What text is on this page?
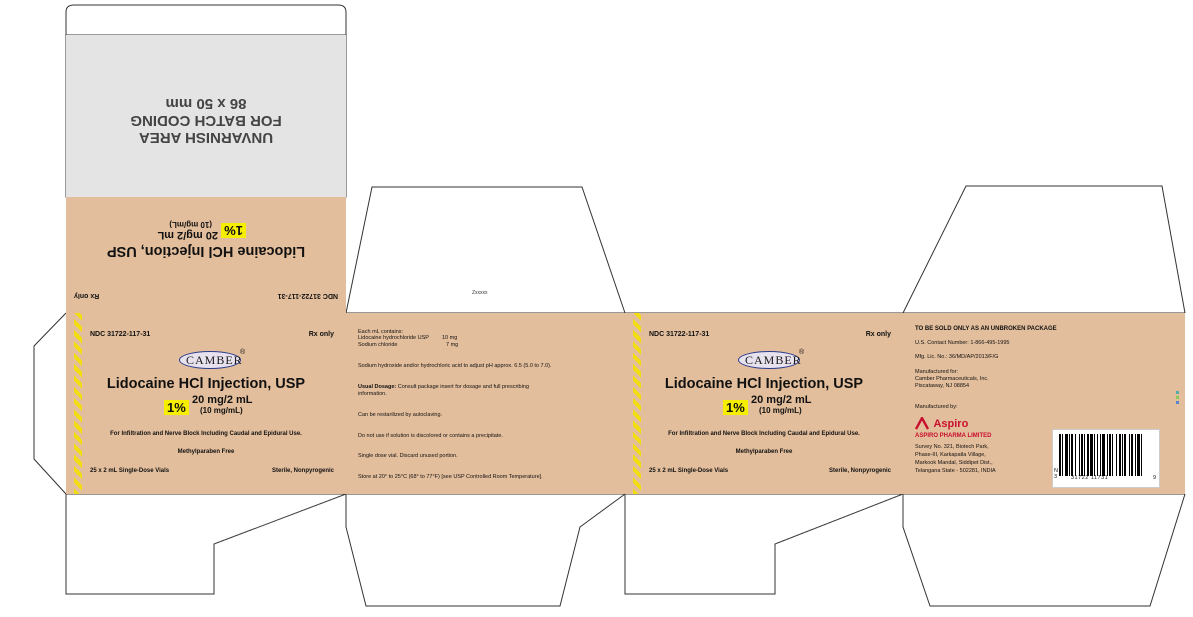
UNVARNISH AREA
FOR BATCH CODING
86 x 50 mm
NDC 31722-117-31
Rx only
Lidocaine HCl Injection, USP
1%
20 mg/2 mL
(10 mg/mL)
Zxxxxx
NDC 31722-117-31	Rx only
CAMBER
®
Lidocaine HCl Injection, USP
1% 20 mg/2 mL
(10 mg/mL)
For Infiltration and Nerve Block Including Caudal and Epidural Use.
Methylparaben Free
25 x 2 mL Single-Dose Vials	Sterile, Nonpyrogenic
Each mL contains:
Lidocaine hydrochloride USP 10 mg
Sodium chloride	7 mg
Sodium hydroxide and/or hydrochloric acid to adjust pH approx. 6.5 (5.0 to 7.0).
Usual Dosage: Consult package insert for dosage and full prescribing information.
Can be restarilized by autoclaving.
Do not use if solution is discolored or contains a precipitate.
Single dose vial. Discard unused portion.
Store at 20° to 25°C (68° to 77°F) [see USP Controlled Room Temperature].
NDC 31722-117-31	Rx only
CAMBER
®
Lidocaine HCl Injection, USP
1% 20 mg/2 mL
(10 mg/mL)
For Infiltration and Nerve Block Including Caudal and Epidural Use.
Methylparaben Free
25 x 2 mL Single-Dose Vials	Sterile, Nonpyrogenic
TO BE SOLD ONLY AS AN UNBROKEN PACKAGE
U.S. Contact Number: 1-866-495-1995
Mfg. Lic. No.: 36/MD/AP/2013/F/G
Manufactured for:
Camber Pharmaceuticals, Inc.
Piscataway, NJ 08854
Manufactured by:
Aspiro
ASPIRO PHARMA LIMITED
Survey No. 321, Biotech Park,
Phase-III, Karkapatla Village,
Markook Mandal, Siddipet Dist.,
Telangana State - 502281, INDIA	N
3	31722 11731	9
